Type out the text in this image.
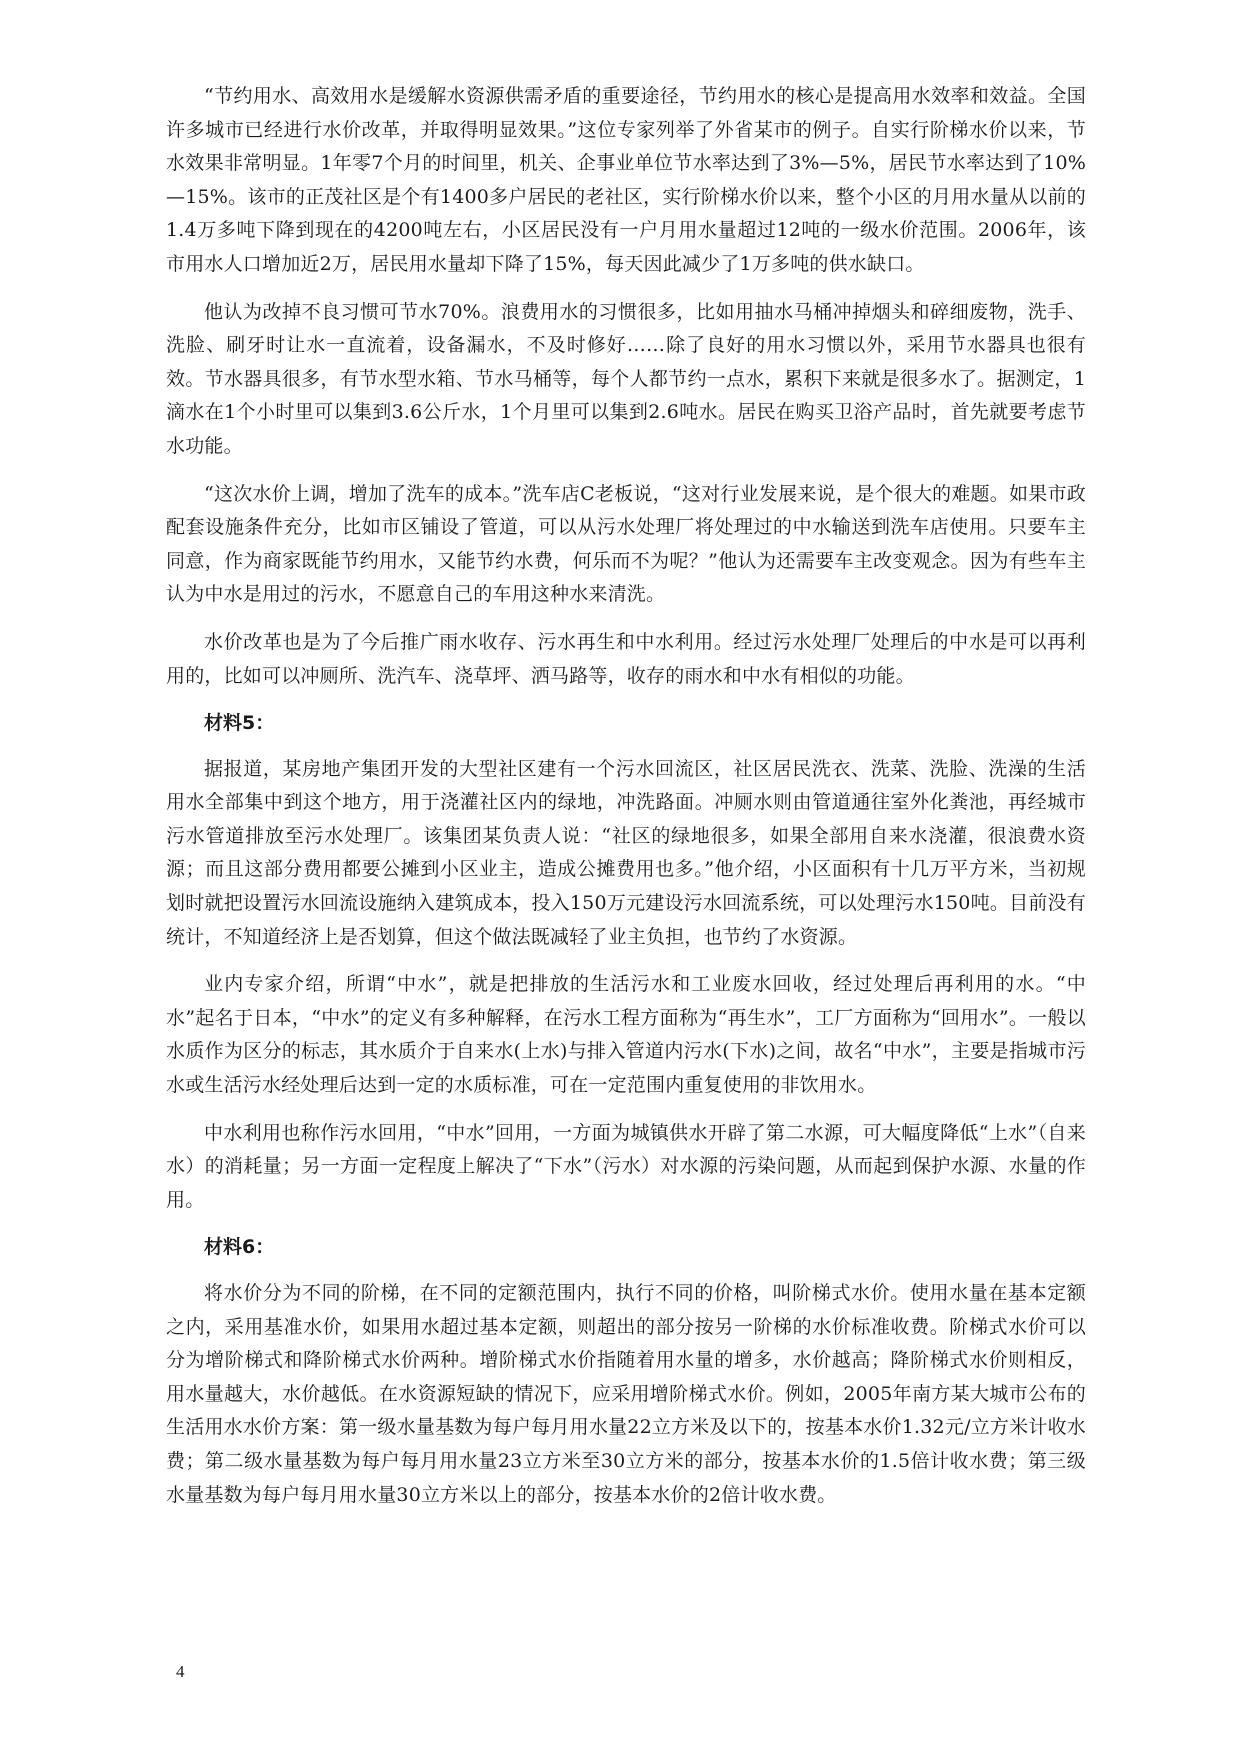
“节约用水、高效用水是缓解水资源供需矛盾的重要途径，节约用水的核心是提高用水效率和效益。全国许多城市已经进行水价改革，并取得明显效果。”这位专家列举了外省某市的例子。自实行阶梯水价以来，节水效果非常明显。1年零7个月的时间里，机关、企事业单位节水率达到了3%—5%，居民节水率达到了10%—15%。该市的正茂社区是个有1400多户居民的老社区，实行阶梯水价以来，整个小区的月用水量从以前的1.4万多吨下降到现在的4200吨左右，小区居民没有一户月用水量超过12吨的一级水价范围。2006年，该市用水人口增加近2万，居民用水量却下降了15%，每天因此减少了1万多吨的供水缺口。

他认为改掉不良习惯可节水70%。浪费用水的习惯很多，比如用抽水马桶冲掉烟头和碎细废物，洗手、洗脸、刷牙时让水一直流着，设备漏水，不及时修好……除了良好的用水习惯以外，采用节水器具也很有效。节水器具很多，有节水型水箱、节水马桶等，每个人都节约一点水，累积下来就是很多水了。据测定，1滴水在1个小时里可以集到3.6公斤水，1个月里可以集到2.6吨水。居民在购买卫浴产品时，首先就要考虑节水功能。

“这次水价上调，增加了洗车的成本。”洗车店C老板说，“这对行业发展来说，是个很大的难题。如果市政配套设施条件充分，比如市区铺设了管道，可以从污水处理厂将处理过的中水输送到洗车店使用。只要车主同意，作为商家既能节约用水，又能节约水费，何乐而不为呢？”他认为还需要车主改变观念。因为有些车主认为中水是用过的污水，不愿意自己的车用这种水来清洗。

水价改革也是为了今后推广雨水收存、污水再生和中水利用。经过污水处理厂处理后的中水是可以再利用的，比如可以冲厕所、洗汽车、浇草坪、洒马路等，收存的雨水和中水有相似的功能。

材料5：

据报道，某房地产集团开发的大型社区建有一个污水回流区，社区居民洗衣、洗菜、洗脸、洗澡的生活用水全部集中到这个地方，用于浇灌社区内的绿地，冲洗路面。冲厕水则由管道通往室外化粪池，再经城市污水管道排放至污水处理厂。该集团某负责人说：“社区的绿地很多，如果全部用自来水浇灌，很浪费水资源；而且这部分费用都要公摊到小区业主，造成公摊费用也多。”他介绍，小区面积有十几万平方米，当初规划时就把设置污水回流设施纳入建筑成本，投入150万元建设污水回流系统，可以处理污水150吨。目前没有统计，不知道经济上是否划算，但这个做法既减轻了业主负担，也节约了水资源。

业内专家介绍，所谓“中水”，就是把排放的生活污水和工业废水回收，经过处理后再利用的水。“中水”起名于日本，“中水”的定义有多种解释，在污水工程方面称为“再生水”，工厂方面称为“回用水”。一般以水质作为区分的标志，其水质介于自来水(上水)与排入管道内污水(下水)之间，故名“中水”，主要是指城市污水或生活污水经处理后达到一定的水质标准，可在一定范围内重复使用的非饮用水。

中水利用也称作污水回用，“中水”回用，一方面为城镇供水开辟了第二水源，可大幅度降低“上水”（自来水）的消耗量；另一方面一定程度上解决了“下水”（污水）对水源的污染问题，从而起到保护水源、水量的作用。

材料6：

将水价分为不同的阶梯，在不同的定额范围内，执行不同的价格，叫阶梯式水价。使用水量在基本定额之内，采用基准水价，如果用水超过基本定额，则超出的部分按另一阶梯的水价标准收费。阶梯式水价可以分为增阶梯式和降阶梯式水价两种。增阶梯式水价指随着用水量的增多，水价越高；降阶梯式水价则相反，用水量越大，水价越低。在水资源短缺的情况下，应采用增阶梯式水价。例如，2005年南方某大城市公布的生活用水水价方案：第一级水量基数为每户每月用水量22立方米及以下的，按基本水价1.32元/立方米计收水费；第二级水量基数为每户每月用水量23立方米至30立方米的部分，按基本水价的1.5倍计收水费；第三级水量基数为每户每月用水量30立方米以上的部分，按基本水价的2倍计收水费。

4
